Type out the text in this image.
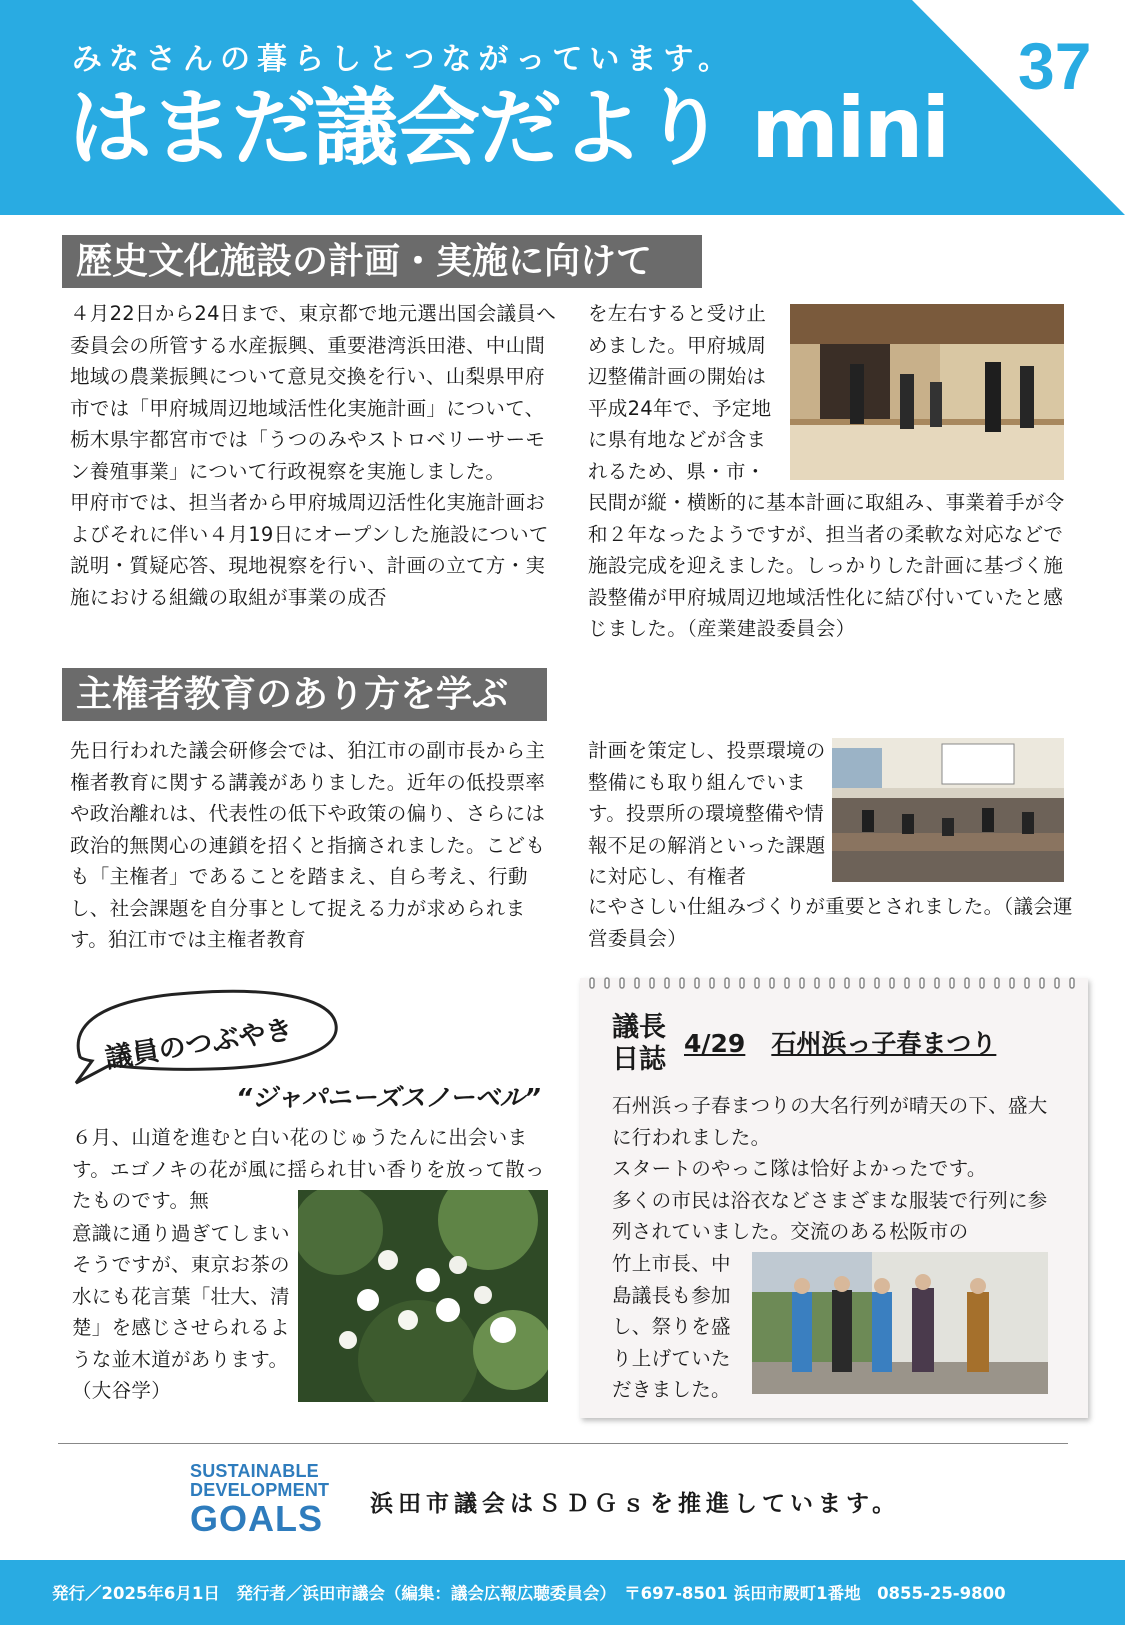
みなさんの暮らしとつながっています。
はまだ議会だより mini
37
歴史文化施設の計画・実施に向けて

４月22日から24日まで、東京都で地元選出国会議員へ委員会の所管する水産振興、重要港湾浜田港、中山間地域の農業振興について意見交換を行い、山梨県甲府市では「甲府城周辺地域活性化実施計画」について、栃木県宇都宮市では「うつのみやストロベリーサーモン養殖事業」について行政視察を実施しました。

甲府市では、担当者から甲府城周辺活性化実施計画およびそれに伴い４月19日にオープンした施設について説明・質疑応答、現地視察を行い、計画の立て方・実施における組織の取組が事業の成否

を左右すると受け止めました。甲府城周辺整備計画の開始は平成24年で、予定地に県有地などが含まれるため、県・市・
民間が縦・横断的に基本計画に取組み、事業着手が令和２年なったようですが、担当者の柔軟な対応などで施設完成を迎えました。しっかりした計画に基づく施設整備が甲府城周辺地域活性化に結び付いていたと感じました。（産業建設委員会）
主権者教育のあり方を学ぶ
先日行われた議会研修会では、狛江市の副市長から主権者教育に関する講義がありました。近年の低投票率や政治離れは、代表性の低下や政策の偏り、さらには政治的無関心の連鎖を招くと指摘されました。こどもも「主権者」であることを踏まえ、自ら考え、行動し、社会課題を自分事として捉える力が求められます。狛江市では主権者教育
計画を策定し、投票環境の整備にも取り組んでいます。投票所の環境整備や情報不足の解消といった課題に対応し、有権者
にやさしい仕組みづくりが重要とされました。（議会運営委員会）
議員のつぶやき
“ジャパニーズスノーベル”
６月、山道を進むと白い花のじゅうたんに出会います。エゴノキの花が風に揺られ甘い香りを放って散ったものです。無
意識に通り過ぎてしまいそうですが、東京お茶の水にも花言葉「壮大、清楚」を感じさせられるような並木道があります。（大谷学）
議長
日誌
4/29 石州浜っ子春まつり

石州浜っ子春まつりの大名行列が晴天の下、盛大に行われました。

スタートのやっこ隊は恰好よかったです。

多くの市民は浴衣などさまざまな服装で行列に参列されていました。交流のある松阪市の

竹上市長、中島議長も参加し、祭りを盛り上げていただきました。
SUSTAINABLE
DEVELOPMENT
GOALS	浜田市議会はＳＤＧｓを推進しています。
発行／2025年6月1日　発行者／浜田市議会（編集：議会広報広聴委員会）　〒697-8501 浜田市殿町1番地　0855-25-9800
